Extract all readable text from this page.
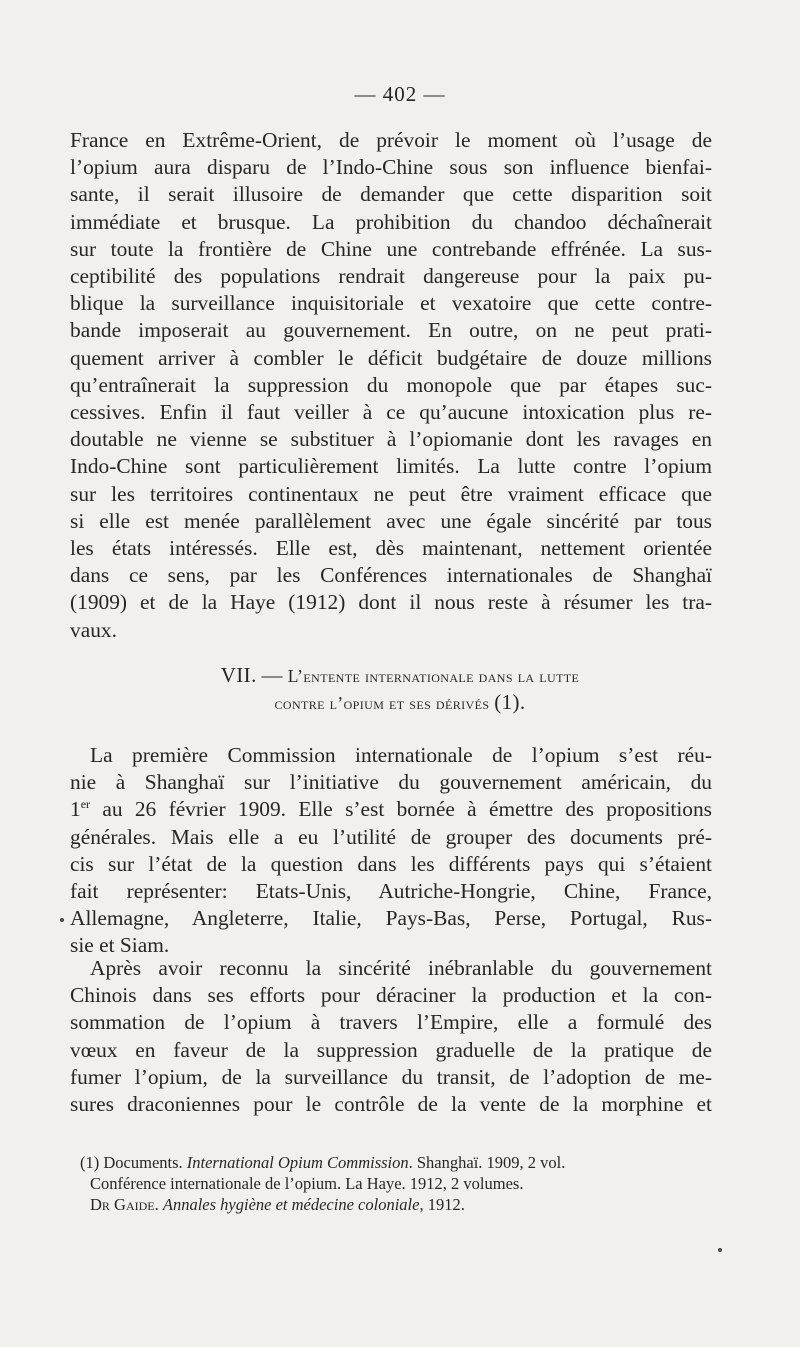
— 402 —
France en Extrême-Orient, de prévoir le moment où l’usage de
l’opium aura disparu de l’Indo-Chine sous son influence bienfai-
sante, il serait illusoire de demander que cette disparition soit
immédiate et brusque. La prohibition du chandoo déchaînerait
sur toute la frontière de Chine une contrebande effrénée. La sus-
ceptibilité des populations rendrait dangereuse pour la paix pu-
blique la surveillance inquisitoriale et vexatoire que cette contre-
bande imposerait au gouvernement. En outre, on ne peut prati-
quement arriver à combler le déficit budgétaire de douze millions
qu’entraînerait la suppression du monopole que par étapes suc-
cessives. Enfin il faut veiller à ce qu’aucune intoxication plus re-
doutable ne vienne se substituer à l’opiomanie dont les ravages en
Indo-Chine sont particulièrement limités. La lutte contre l’opium
sur les territoires continentaux ne peut être vraiment efficace que
si elle est menée parallèlement avec une égale sincérité par tous
les états intéressés. Elle est, dès maintenant, nettement orientée
dans ce sens, par les Conférences internationales de Shanghaï
(1909) et de la Haye (1912) dont il nous reste à résumer les tra-
vaux.
VII. — L’entente internationale dans la lutte
contre l’opium et ses dérivés (1).
La première Commission internationale de l’opium s’est réu-
nie à Shanghaï sur l’initiative du gouvernement américain, du
1er au 26 février 1909. Elle s’est bornée à émettre des propositions
générales. Mais elle a eu l’utilité de grouper des documents pré-
cis sur l’état de la question dans les différents pays qui s’étaient
fait représenter: Etats-Unis, Autriche-Hongrie, Chine, France,
Allemagne, Angleterre, Italie, Pays-Bas, Perse, Portugal, Rus-
sie et Siam.
Après avoir reconnu la sincérité inébranlable du gouvernement
Chinois dans ses efforts pour déraciner la production et la con-
sommation de l’opium à travers l’Empire, elle a formulé des
vœux en faveur de la suppression graduelle de la pratique de
fumer l’opium, de la surveillance du transit, de l’adoption de me-
sures draconiennes pour le contrôle de la vente de la morphine et
(1) Documents. International Opium Commission. Shanghaï. 1909, 2 vol.
Conférence internationale de l’opium. La Haye. 1912, 2 volumes.
Dr Gaide. Annales hygiène et médecine coloniale, 1912.
